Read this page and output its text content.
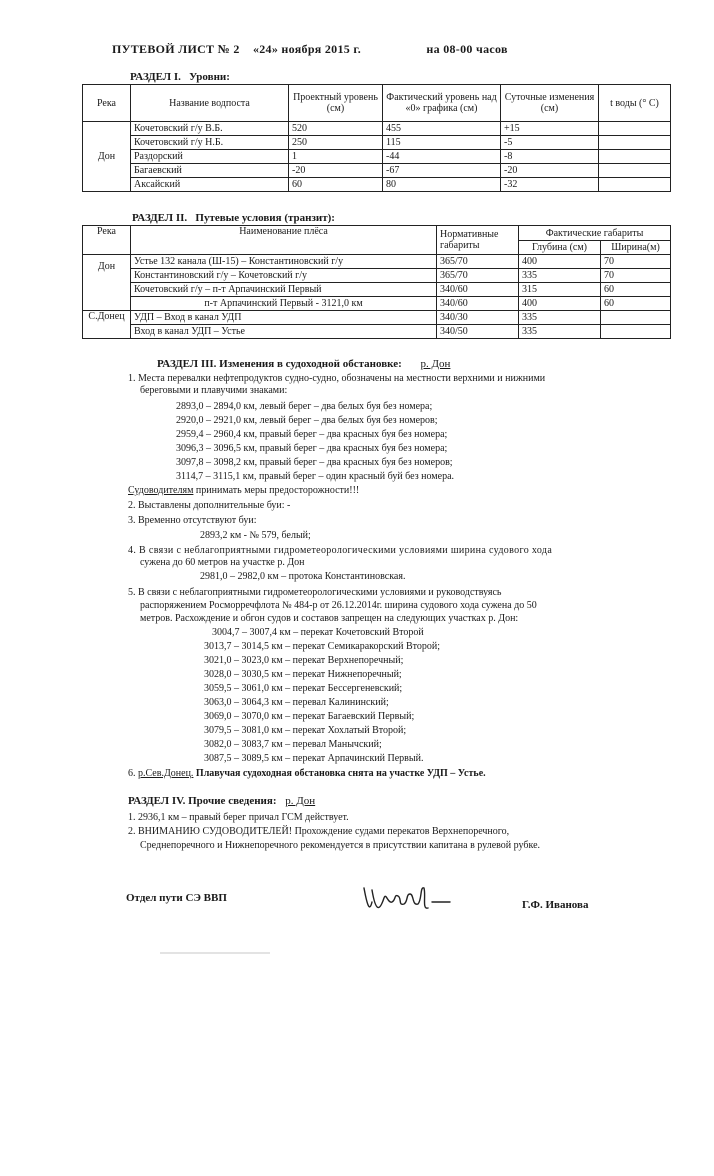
ПУТЕВОЙ ЛИСТ № 2 «24» ноября 2015 г.	на 08-00 часов
РАЗДЕЛ I. Уровни:
Река	Название водпоста	Проектный уровень (см)	Фактический уровень над «0» графика (см)	Суточные изменения (см)	t воды (° С)
Дон	Кочетовский г/у В.Б.	520	455	+15	
	Кочетовский г/у Н.Б.	250	115	-5	
	Раздорский	1	-44	-8	
	Багаевский	-20	-67	-20	
	Аксайский	60	80	-32	
РАЗДЕЛ II. Путевые условия (транзит):
Река	Наименование плёса	Нормативные габариты	Фактические габариты	
			Глубина (см)	Ширина(м)
Дон	Устье 132 канала (Ш-15) – Константиновский г/у	365/70	400	70
	Константиновский г/у – Кочетовский г/у	365/70	335	70
	Кочетовский г/у – п-т Арпачинский Первый	340/60	315	60
	п-т Арпачинский Первый - 3121,0 км	340/60	400	60
С.Донец	УДП – Вход в канал УДП	340/30	335	
	Вход в канал УДП – Устье	340/50	335	
РАЗДЕЛ III. Изменения в судоходной обстановке: р. Дон
1. Места перевалки нефтепродуктов судно-судно, обозначены на местности верхними и нижними
береговыми и плавучими знаками:
2893,0 – 2894,0 км, левый берег – два белых буя без номера;
2920,0 – 2921,0 км, левый берег – два белых буя без номеров;
2959,4 – 2960,4 км, правый берег – два красных буя без номера;
3096,3 – 3096,5 км, правый берег – два красных буя без номера;
3097,8 – 3098,2 км, правый берег – два красных буя без номеров;
3114,7 – 3115,1 км, правый берег – один красный буй без номера.
Судоводителям принимать меры предосторожности!!!
2. Выставлены дополнительные буи: -
3. Временно отсутствуют буи:
2893,2 км - № 579, белый;
4. В связи с неблагоприятными гидрометеорологическими условиями ширина судового хода
сужена до 60 метров на участке р. Дон
2981,0 – 2982,0 км – протока Константиновская.
5. В связи с неблагоприятными гидрометеорологическими условиями и руководствуясь
распоряжением Росморречфлота № 484-р от 26.12.2014г. ширина судового хода сужена до 50
метров. Расхождение и обгон судов и составов запрещен на следующих участках р. Дон:
3004,7 – 3007,4 км – перекат Кочетовский Второй
3013,7 – 3014,5 км – перекат Семикаракорский Второй;
3021,0 – 3023,0 км – перекат Верхнепоречный;
3028,0 – 3030,5 км – перекат Нижнепоречный;
3059,5 – 3061,0 км – перекат Бессергеневский;
3063,0 – 3064,3 км – перевал Калининский;
3069,0 – 3070,0 км – перекат Багаевский Первый;
3079,5 – 3081,0 км – перекат Хохлатый Второй;
3082,0 – 3083,7 км – перевал Манычский;
3087,5 – 3089,5 км – перекат Арпачинский Первый.
6. р.Сев.Донец. Плавучая судоходная обстановка снята на участке УДП – Устье.
РАЗДЕЛ IV. Прочие сведения: р. Дон
1. 2936,1 км – правый берег причал ГСМ действует.
2. ВНИМАНИЮ СУДОВОДИТЕЛЕЙ! Прохождение судами перекатов Верхнепоречного,
Среднепоречного и Нижнепоречного рекомендуется в присутствии капитана в рулевой рубке.
Отдел пути СЭ ВВП
Г.Ф. Иванова
